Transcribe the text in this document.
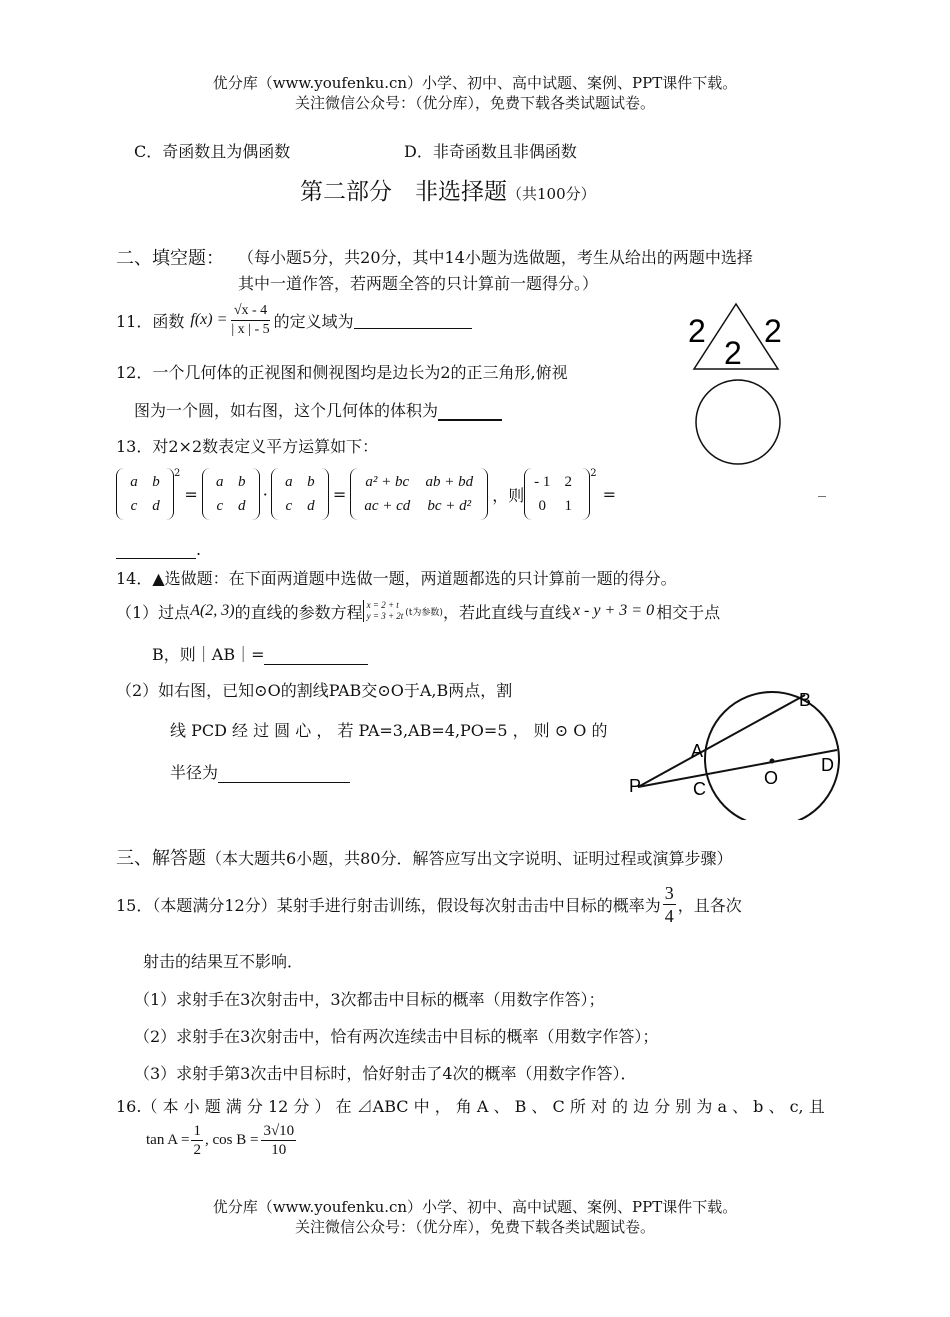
优分库（www.youfenku.cn）小学、初中、高中试题、案例、PPT课件下载。
关注微信公众号：（优分库），免费下载各类试题试卷。
C．奇函数且为偶函数	D．非奇函数且非偶函数
第二部分　非选择题（共100分）
二、填空题： （每小题5分，共20分，其中14小题为选做题，考生从给出的两题中选择
其中一道作答，若两题全答的只计算前一题得分。）
11．函数 $f(x) = \frac{√x - 4}{| x | - 5}$ 的定义域为
12．一个几何体的正视图和侧视图均是边长为2的正三角形,俯视
图为一个圆，如右图，这个几何体的体积为
2
2
2
13．对2×2数表定义平方运算如下：
a b
c d
$^2$
=
a b
c d
·
a b
c d
=
a² + bc ab + bd
ac + cd bc + d²
，则
- 1 2
0 1
$^2$
=	_
.
14．▲选做题：在下面两道题中选做一题，两道题都选的只计算前一题的得分。
（1）过点 A(2, 3) 的直线的参数方程 x = 2 + t
y = 3 + 2t (t为参数) ，若此直线与直线 x - y + 3 = 0 相交于点
B，则｜AB｜=
（2）如右图，已知⊙O的割线PAB交⊙O于A,B两点，割
线 PCD 经 过 圆 心 ， 若 PA=3,AB=4,PO=5 ， 则 ⊙ O 的
半径为
B
A
P	C
O
D
三、解答题（本大题共6小题，共80分．解答应写出文字说明、证明过程或演算步骤）
15．（本题满分12分）某射手进行射击训练，假设每次射击击中目标的概率为 $\frac{3}{4}$ ，且各次
射击的结果互不影响．
（1）求射手在3次射击中，3次都击中目标的概率（用数字作答）；
（2）求射手在3次射击中，恰有两次连续击中目标的概率（用数字作答）；
（3）求射手第3次击中目标时，恰好射击了4次的概率（用数字作答）．
16.（ 本 小 题 满 分 12 分 ） 在 ⊿ABC 中 ， 角 A 、 B 、 C 所 对 的 边 分 别 为 a 、 b 、 c, 且
$\tan A = \frac{1}{2}$ , $\cos B = \frac{3√10}{10}$
优分库（www.youfenku.cn）小学、初中、高中试题、案例、PPT课件下载。
关注微信公众号：（优分库），免费下载各类试题试卷。
